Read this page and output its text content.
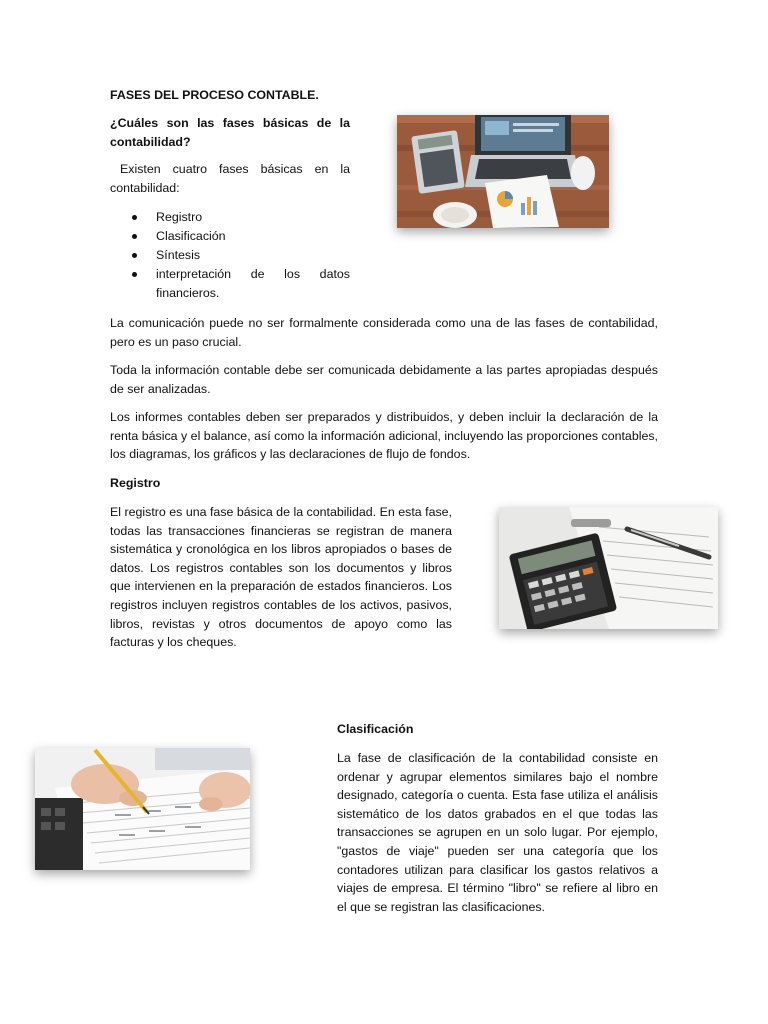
FASES DEL PROCESO CONTABLE.

¿Cuáles son las fases básicas de la contabilidad?

Existen cuatro fases básicas en la contabilidad:

Registro
Clasificación
Síntesis
interpretación de los datos financieros.

La comunicación puede no ser formalmente considerada como una de las fases de contabilidad, pero es un paso crucial.

Toda la información contable debe ser comunicada debidamente a las partes apropiadas después de ser analizadas.

Los informes contables deben ser preparados y distribuidos, y deben incluir la declaración de la renta básica y el balance, así como la información adicional, incluyendo las proporciones contables, los diagramas, los gráficos y las declaraciones de flujo de fondos.

Registro

El registro es una fase básica de la contabilidad. En esta fase, todas las transacciones financieras se registran de manera sistemática y cronológica en los libros apropiados o bases de datos. Los registros contables son los documentos y libros que intervienen en la preparación de estados financieros. Los registros incluyen registros contables de los activos, pasivos, libros, revistas y otros documentos de apoyo como las facturas y los cheques.

Clasificación

La fase de clasificación de la contabilidad consiste en ordenar y agrupar elementos similares bajo el nombre designado, categoría o cuenta. Esta fase utiliza el análisis sistemático de los datos grabados en el que todas las transacciones se agrupen en un solo lugar. Por ejemplo, "gastos de viaje" pueden ser una categoría que los contadores utilizan para clasificar los gastos relativos a viajes de empresa. El término "libro" se refiere al libro en el que se registran las clasificaciones.
